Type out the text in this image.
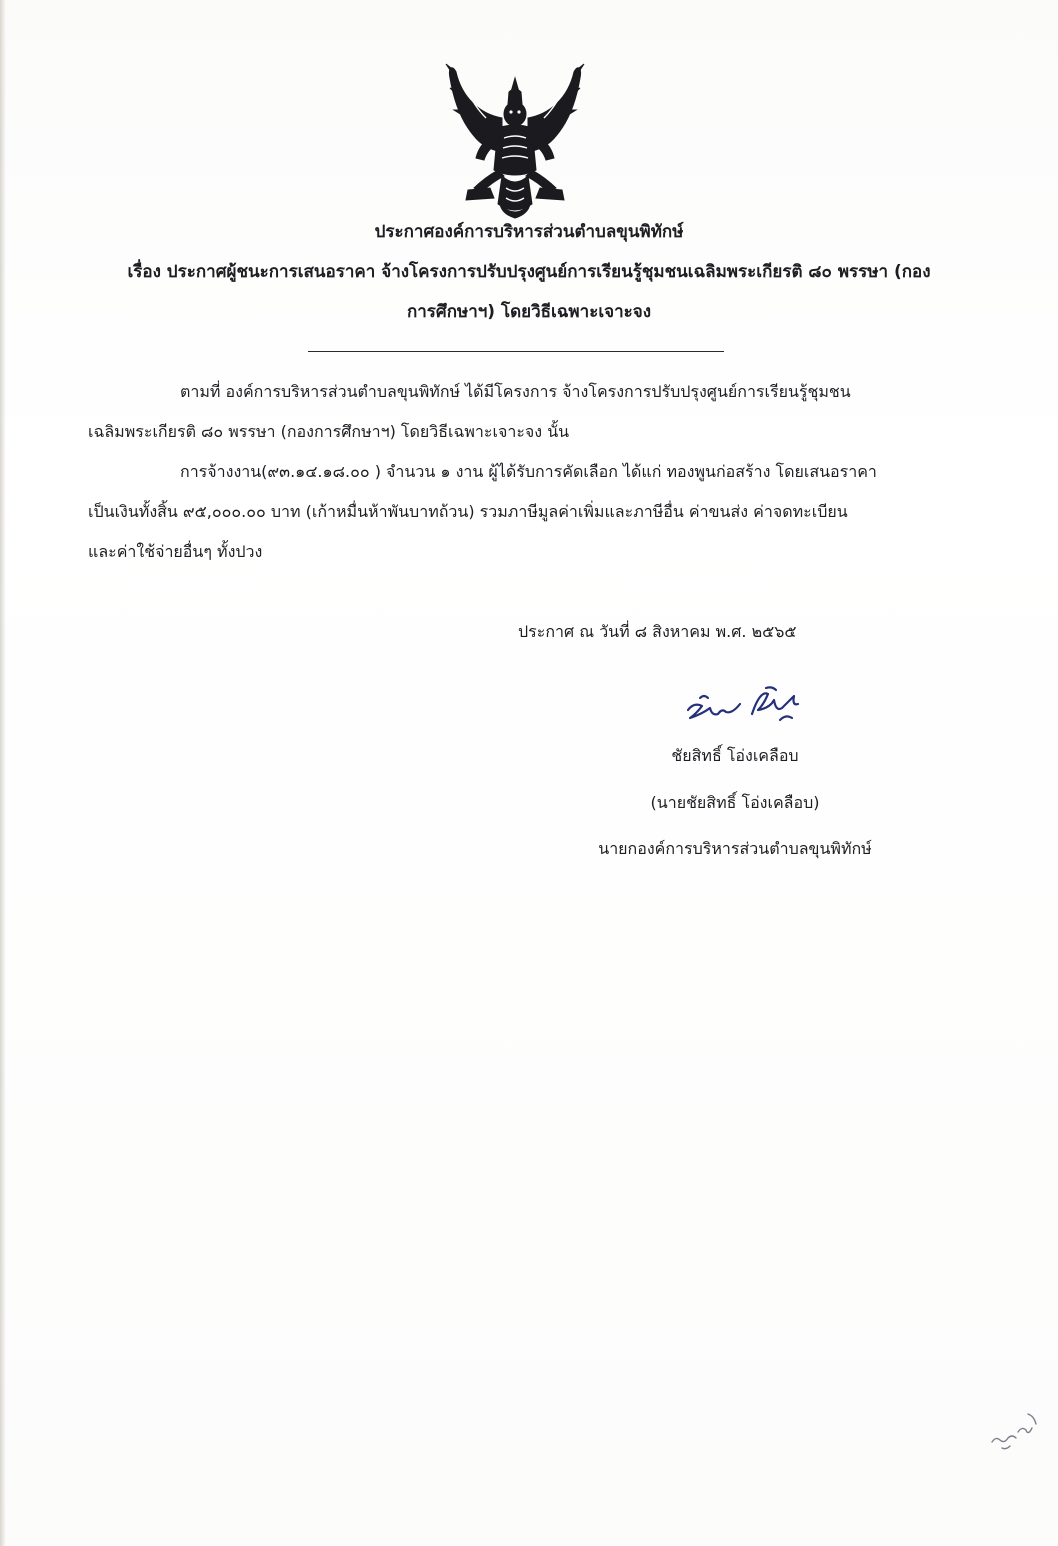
ประกาศองค์การบริหารส่วนตำบลขุนพิทักษ์
เรื่อง ประกาศผู้ชนะการเสนอราคา จ้างโครงการปรับปรุงศูนย์การเรียนรู้ชุมชนเฉลิมพระเกียรติ ๘๐ พรรษา (กอง
การศึกษาฯ) โดยวิธีเฉพาะเจาะจง
ตามที่ องค์การบริหารส่วนตำบลขุนพิทักษ์ ได้มีโครงการ จ้างโครงการปรับปรุงศูนย์การเรียนรู้ชุมชน
เฉลิมพระเกียรติ ๘๐ พรรษา (กองการศึกษาฯ) โดยวิธีเฉพาะเจาะจง นั้น
การจ้างงาน(๙๓.๑๔.๑๘.๐๐ ) จำนวน ๑ งาน ผู้ได้รับการคัดเลือก ได้แก่ ทองพูนก่อสร้าง โดยเสนอราคา
เป็นเงินทั้งสิ้น ๙๕,๐๐๐.๐๐ บาท (เก้าหมื่นห้าพันบาทถ้วน) รวมภาษีมูลค่าเพิ่มและภาษีอื่น ค่าขนส่ง ค่าจดทะเบียน
และค่าใช้จ่ายอื่นๆ ทั้งปวง
ประกาศ ณ วันที่ ๘ สิงหาคม พ.ศ. ๒๕๖๕
ชัยสิทธิ์ โอ่งเคลือบ
(นายชัยสิทธิ์ โอ่งเคลือบ)
นายกองค์การบริหารส่วนตำบลขุนพิทักษ์
